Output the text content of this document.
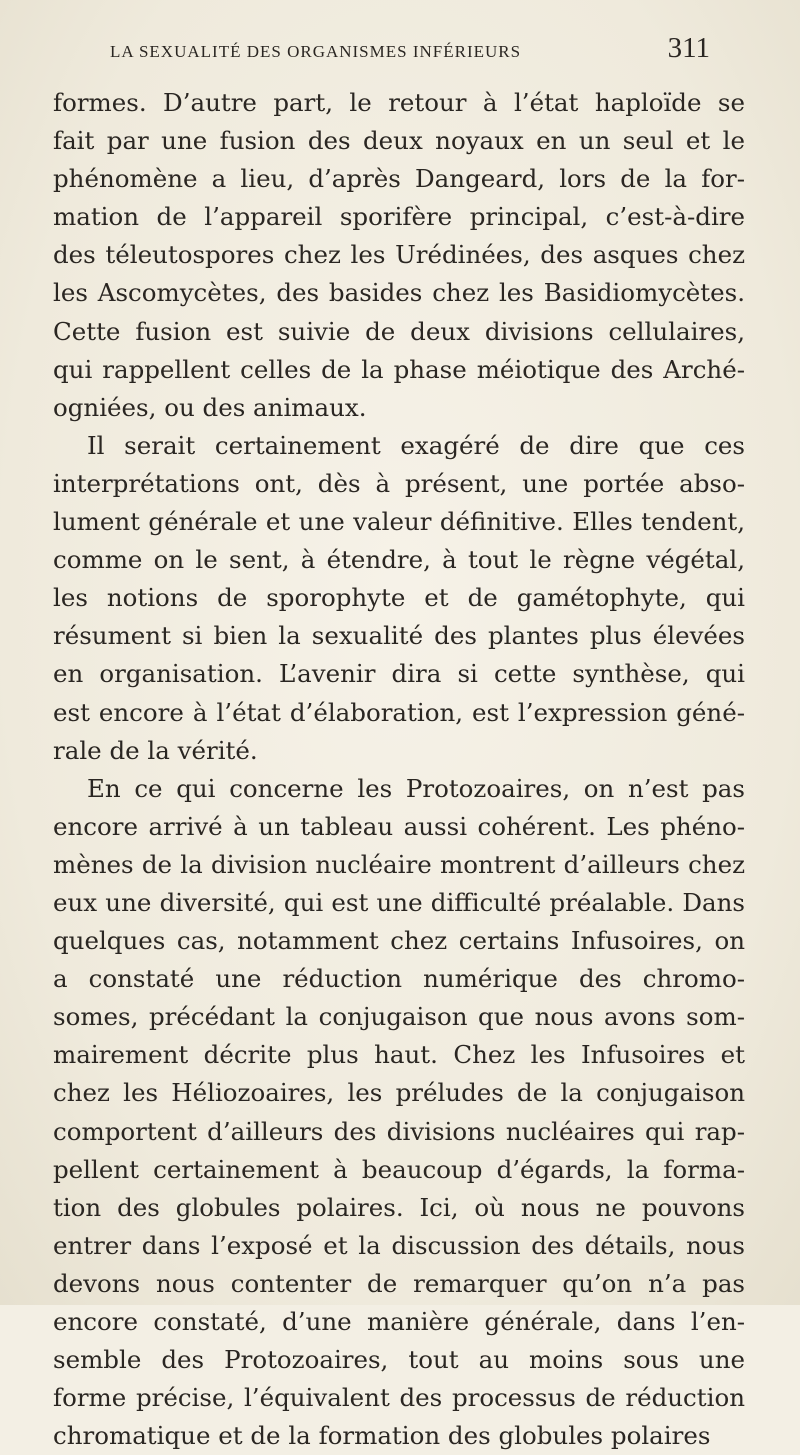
LA SEXUALITÉ DES ORGANISMES INFÉRIEURS	311
formes. D’autre part, le retour à l’état haploïde se
fait par une fusion des deux noyaux en un seul et le
phénomène a lieu, d’après Dangeard, lors de la for-
mation de l’appareil sporifère principal, c’est-à-dire
des téleutospores chez les Urédinées, des asques chez
les Ascomycètes, des basides chez les Basidiomycètes.
Cette fusion est suivie de deux divisions cellulaires,
qui rappellent celles de la phase méiotique des Arché-
ogniées, ou des animaux.
Il serait certainement exagéré de dire que ces
interprétations ont, dès à présent, une portée abso-
lument générale et une valeur définitive. Elles tendent,
comme on le sent, à étendre, à tout le règne végétal,
les notions de sporophyte et de gamétophyte, qui
résument si bien la sexualité des plantes plus élevées
en organisation. L’avenir dira si cette synthèse, qui
est encore à l’état d’élaboration, est l’expression géné-
rale de la vérité.
En ce qui concerne les Protozoaires, on n’est pas
encore arrivé à un tableau aussi cohérent. Les phéno-
mènes de la division nucléaire montrent d’ailleurs chez
eux une diversité, qui est une difficulté préalable. Dans
quelques cas, notamment chez certains Infusoires, on
a constaté une réduction numérique des chromo-
somes, précédant la conjugaison que nous avons som-
mairement décrite plus haut. Chez les Infusoires et
chez les Héliozoaires, les préludes de la conjugaison
comportent d’ailleurs des divisions nucléaires qui rap-
pellent certainement à beaucoup d’égards, la forma-
tion des globules polaires. Ici, où nous ne pouvons
entrer dans l’exposé et la discussion des détails, nous
devons nous contenter de remarquer qu’on n’a pas
encore constaté, d’une manière générale, dans l’en-
semble des Protozoaires, tout au moins sous une
forme précise, l’équivalent des processus de réduction
chromatique et de la formation des globules polaires
